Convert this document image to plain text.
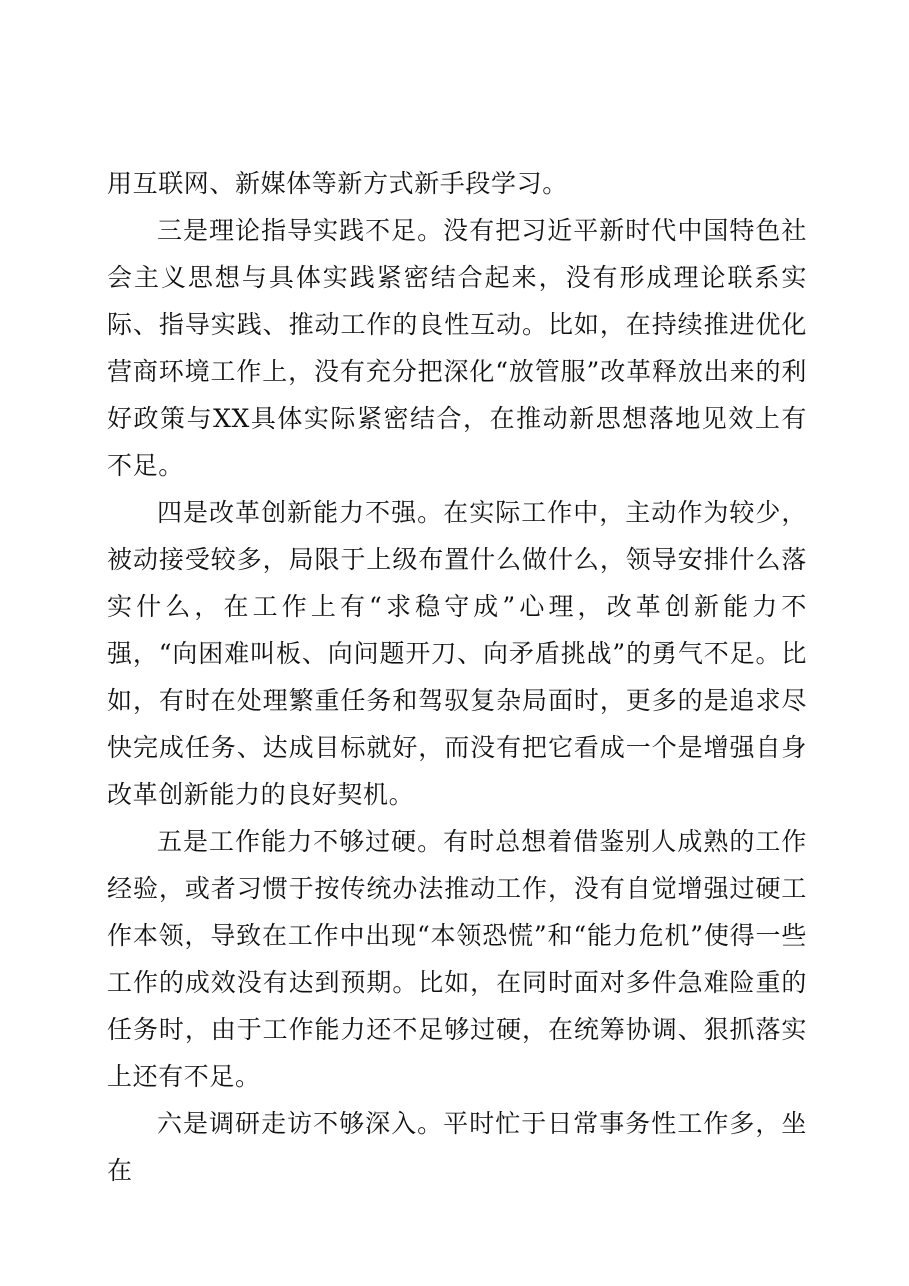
用互联网、新媒体等新方式新手段学习。

三是理论指导实践不足。没有把习近平新时代中国特色社会主义思想与具体实践紧密结合起来，没有形成理论联系实际、指导实践、推动工作的良性互动。比如，在持续推进优化营商环境工作上，没有充分把深化“放管服”改革释放出来的利好政策与XX具体实际紧密结合，在推动新思想落地见效上有不足。

四是改革创新能力不强。在实际工作中，主动作为较少，被动接受较多，局限于上级布置什么做什么，领导安排什么落实什么，在工作上有“求稳守成”心理，改革创新能力不强，“向困难叫板、向问题开刀、向矛盾挑战”的勇气不足。比如，有时在处理繁重任务和驾驭复杂局面时，更多的是追求尽快完成任务、达成目标就好，而没有把它看成一个是增强自身改革创新能力的良好契机。

五是工作能力不够过硬。有时总想着借鉴别人成熟的工作经验，或者习惯于按传统办法推动工作，没有自觉增强过硬工作本领，导致在工作中出现“本领恐慌”和“能力危机”使得一些工作的成效没有达到预期。比如，在同时面对多件急难险重的任务时，由于工作能力还不足够过硬，在统筹协调、狠抓落实上还有不足。

六是调研走访不够深入。平时忙于日常事务性工作多，坐在
